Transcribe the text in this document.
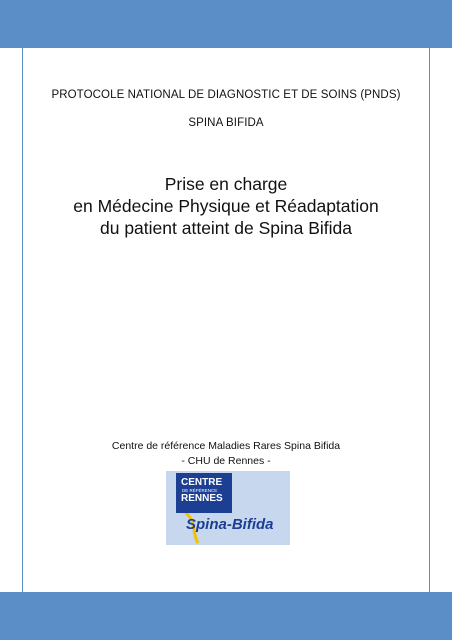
PROTOCOLE NATIONAL DE DIAGNOSTIC ET DE SOINS (PNDS)
SPINA BIFIDA
Prise en charge
en Médecine Physique et Réadaptation
du patient atteint de Spina Bifida
Centre de référence Maladies Rares Spina Bifida
- CHU de Rennes -
CENTRE
DE RÉFÉRENCE
RENNES
Spina-Bifida
